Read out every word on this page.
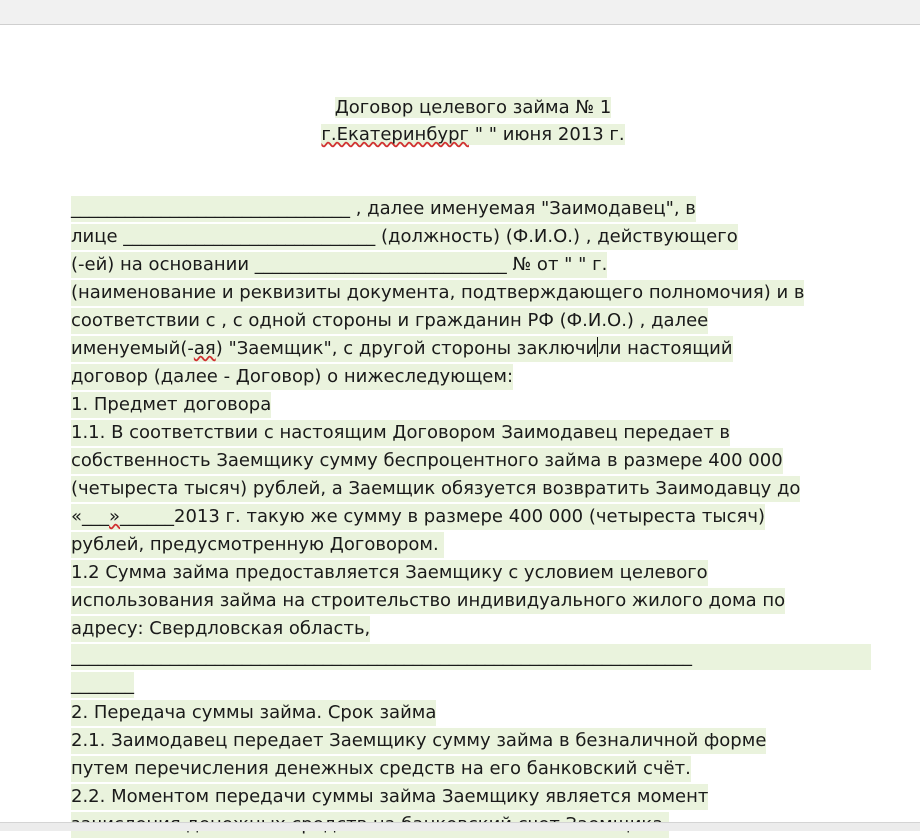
Договор целевого займа № 1
г.Екатеринбург " " июня 2013 г.
_______________________________ , далее именуемая "Заимодавец", в
лице ____________________________ (должность) (Ф.И.О.) , действующего
(-ей) на основании ____________________________ № от " " г.
(наименование и реквизиты документа, подтверждающего полномочия) и в
соответствии с , с одной стороны и гражданин РФ (Ф.И.О.) , далее
именуемый(-ая) "Заемщик", с другой стороны заключили настоящий
договор (далее - Договор) о нижеследующем:
1. Предмет договора
1.1. В соответствии с настоящим Договором Заимодавец передает в
собственность Заемщику сумму беспроцентного займа в размере 400 000
(четыреста тысяч) рублей, а Заемщик обязуется возвратить Заимодавцу до
«___»______2013 г. такую же сумму в размере 400 000 (четыреста тысяч)
рублей, предусмотренную Договором.
1.2 Сумма займа предоставляется Заемщику с условием целевого
использования займа на строительство индивидуального жилого дома по
адресу: Свердловская область,
_____________________________________________________________________
_______
2. Передача суммы займа. Срок займа
2.1. Заимодавец передает Заемщику сумму займа в безналичной форме
путем перечисления денежных средств на его банковский счёт.
2.2. Моментом передачи суммы займа Заемщику является момент
